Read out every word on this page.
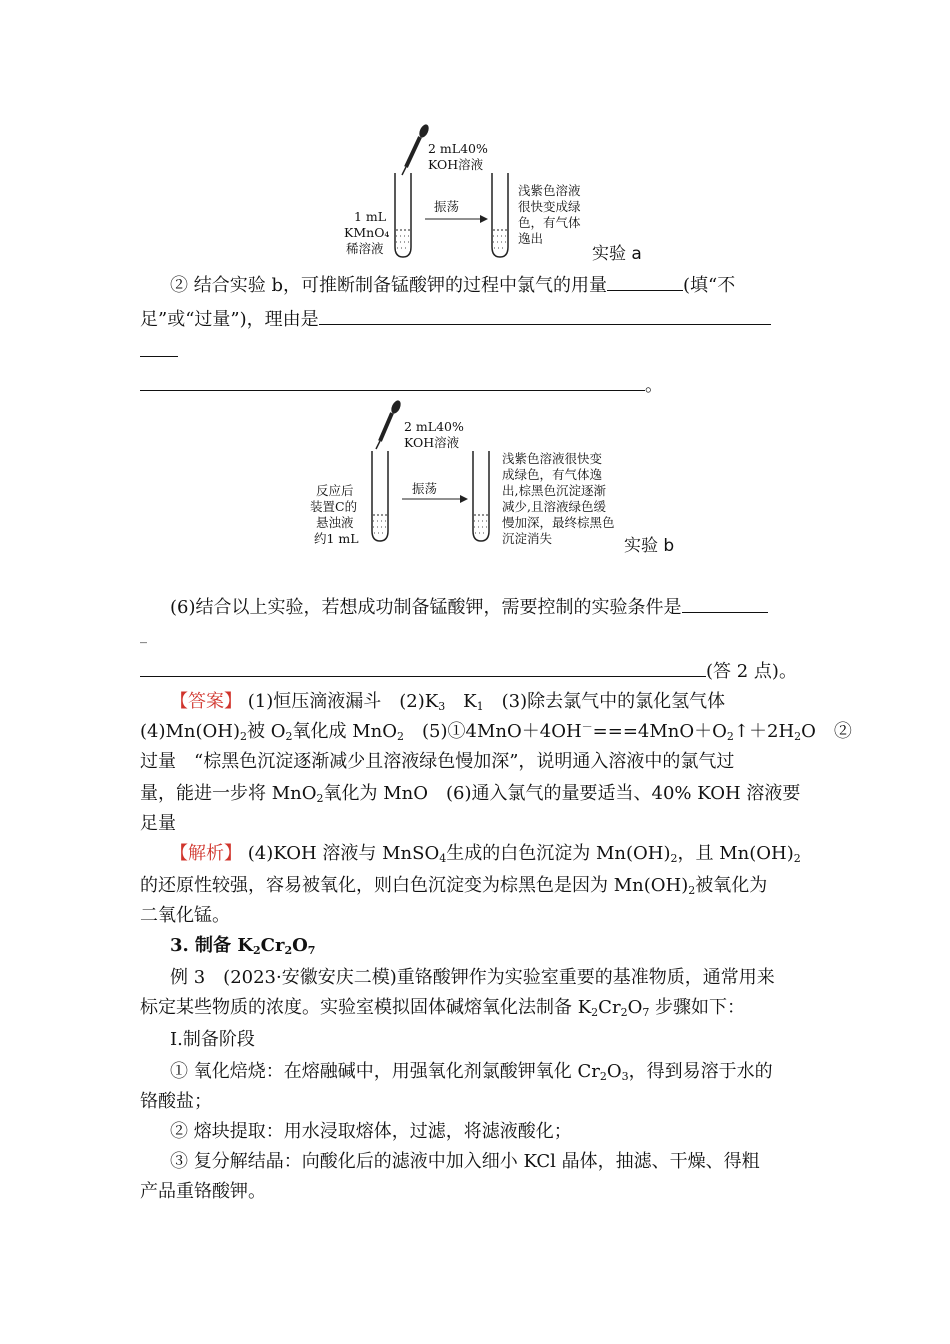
2 mL40%
KOH溶液
1 mL
KMnO₄
稀溶液
振荡
浅紫色溶液
很快变成绿
色，有气体
逸出
实验 a
② 结合实验 b，可推断制备锰酸钾的过程中氯气的用量	(填“不
足”或“过量”)，理由是
。
2 mL40%
KOH溶液
反应后
装置C的
悬浊液
约1 mL
振荡
浅紫色溶液很快变
成绿色，有气体逸
出,棕黑色沉淀逐渐
减少,且溶液绿色缓
慢加深，最终棕黑色
沉淀消失	实验 b
(6)结合以上实验，若想成功制备锰酸钾，需要控制的实验条件是
_
(答 2 点)。
【答案】 (1)恒压滴液漏斗　$(2)K_3$　$K_1$　(3)除去氯气中的氯化氢气体
$(4)Mn(OH)_2$被 $O_2$氧化成 MnO$_2$　$(5)①4MnO+4OH^-===4MnO+O_2↑+2H_2O$　②
过量　“棕黑色沉淀逐渐减少且溶液绿色慢加深”，说明通入溶液中的氯气过
量，能进一步将 MnO$_2$氧化为 MnO　(6)通入氯气的量要适当、40% KOH 溶液要
足量
【解析】 (4)KOH 溶液与 MnSO$_4$生成的白色沉淀为 $Mn(OH)_2$，且 $Mn(OH)_2$
的还原性较强，容易被氧化，则白色沉淀变为棕黑色是因为 $Mn(OH)_2$被氧化为
二氧化锰。
3. 制备 $K_2Cr_2O_7$
例 3　(2023·安徽安庆二模)重铬酸钾作为实验室重要的基准物质，通常用来
标定某些物质的浓度。实验室模拟固体碱熔氧化法制备 $K_2Cr_2O_7$ 步骤如下：
Ⅰ.制备阶段
① 氧化焙烧：在熔融碱中，用强氧化剂氯酸钾氧化 $Cr_2O_3$，得到易溶于水的
铬酸盐；
② 熔块提取：用水浸取熔体，过滤，将滤液酸化；
③ 复分解结晶：向酸化后的滤液中加入细小 KCl 晶体，抽滤、干燥、得粗
产品重铬酸钾。
